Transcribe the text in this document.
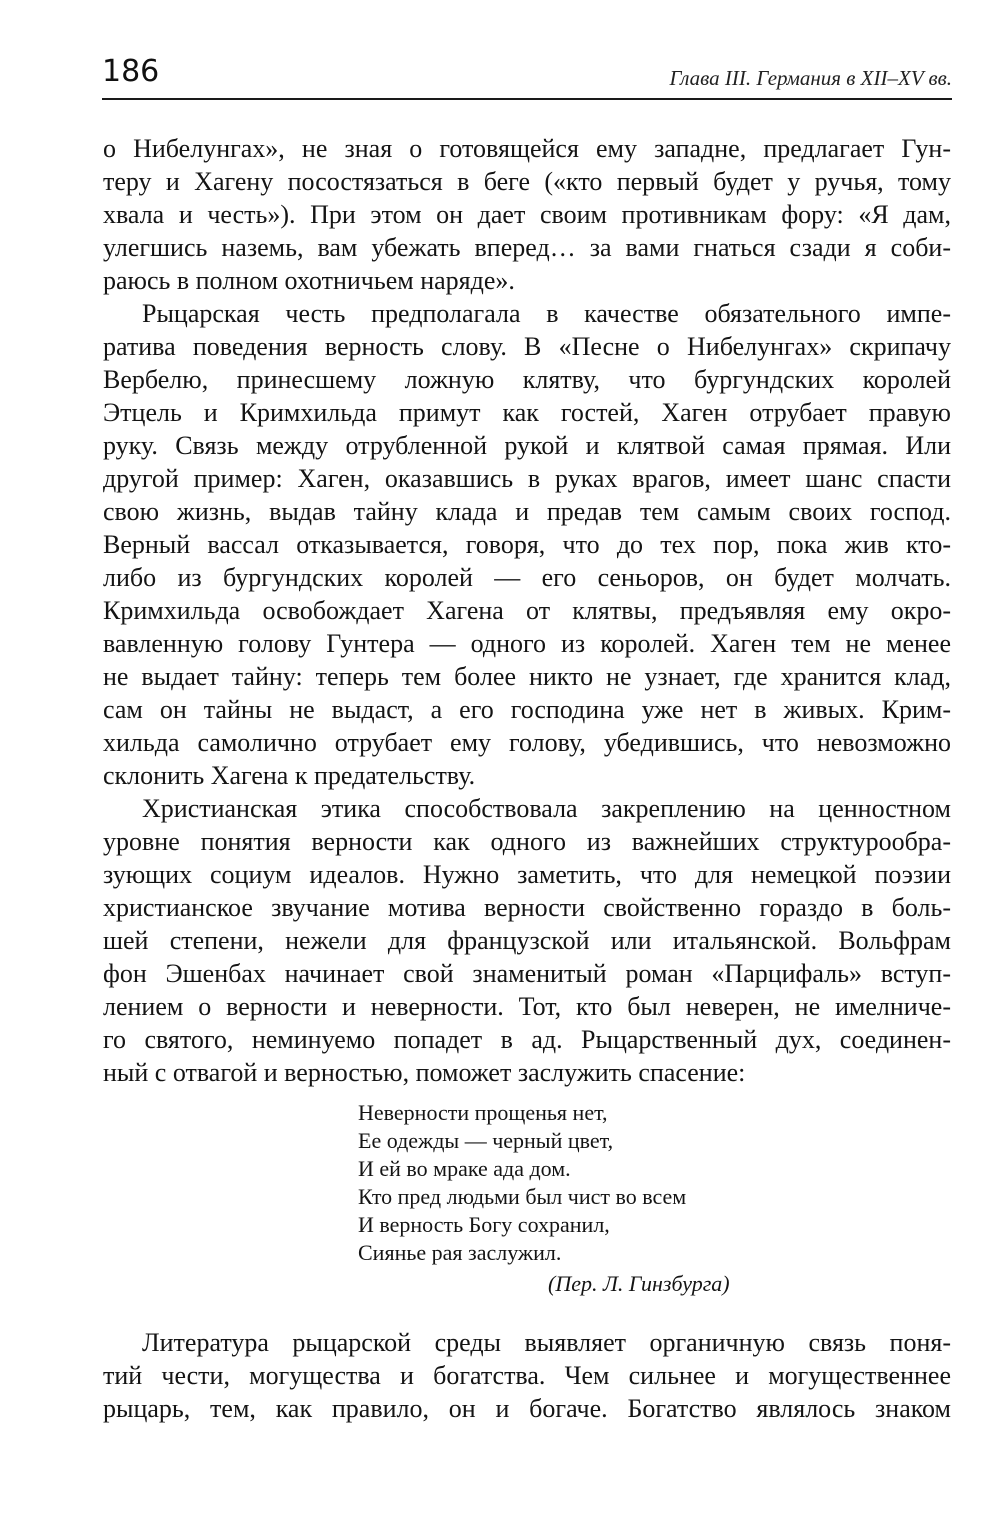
186	Глава III. Германия в XII–XV вв.
о Нибелунгах», не зная о готовящейся ему западне, предлагает Гун-
теру и Хагену посостязаться в беге («кто первый будет у ручья, тому
хвала и честь»). При этом он дает своим противникам фору: «Я дам,
улегшись наземь, вам убежать вперед… за вами гнаться сзади я соби-
раюсь в полном охотничьем наряде».
Рыцарская честь предполагала в качестве обязательного импе-
ратива поведения верность слову. В «Песне о Нибелунгах» скрипачу
Вербелю, принесшему ложную клятву, что бургундских королей
Этцель и Кримхильда примут как гостей, Хаген отрубает правую
руку. Связь между отрубленной рукой и клятвой самая прямая. Или
другой пример: Хаген, оказавшись в руках врагов, имеет шанс спасти
свою жизнь, выдав тайну клада и предав тем самым своих господ.
Верный вассал отказывается, говоря, что до тех пор, пока жив кто-
либо из бургундских королей — его сеньоров, он будет молчать.
Кримхильда освобождает Хагена от клятвы, предъявляя ему окро-
вавленную голову Гунтера — одного из королей. Хаген тем не менее
не выдает тайну: теперь тем более никто не узнает, где хранится клад,
сам он тайны не выдаст, а его господина уже нет в живых. Крим-
хильда самолично отрубает ему голову, убедившись, что невозможно
склонить Хагена к предательству.
Христианская этика способствовала закреплению на ценностном
уровне понятия верности как одного из важнейших структурообра-
зующих социум идеалов. Нужно заметить, что для немецкой поэзии
христианское звучание мотива верности свойственно гораздо в боль-
шей степени, нежели для французской или итальянской. Вольфрам
фон Эшенбах начинает свой знаменитый роман «Парцифаль» вступ-
лением о верности и неверности. Тот, кто был неверен, не имелниче-
го святого, неминуемо попадет в ад. Рыцарственный дух, соединен-
ный с отвагой и верностью, поможет заслужить спасение:
Неверности прощенья нет,
Ее одежды — черный цвет,
И ей во мраке ада дом.
Кто пред людьми был чист во всем
И верность Богу сохранил,
Сиянье рая заслужил.
(Пер. Л. Гинзбурга)
Литература рыцарской среды выявляет органичную связь поня-
тий чести, могущества и богатства. Чем сильнее и могущественнее
рыцарь, тем, как правило, он и богаче. Богатство являлось знаком
